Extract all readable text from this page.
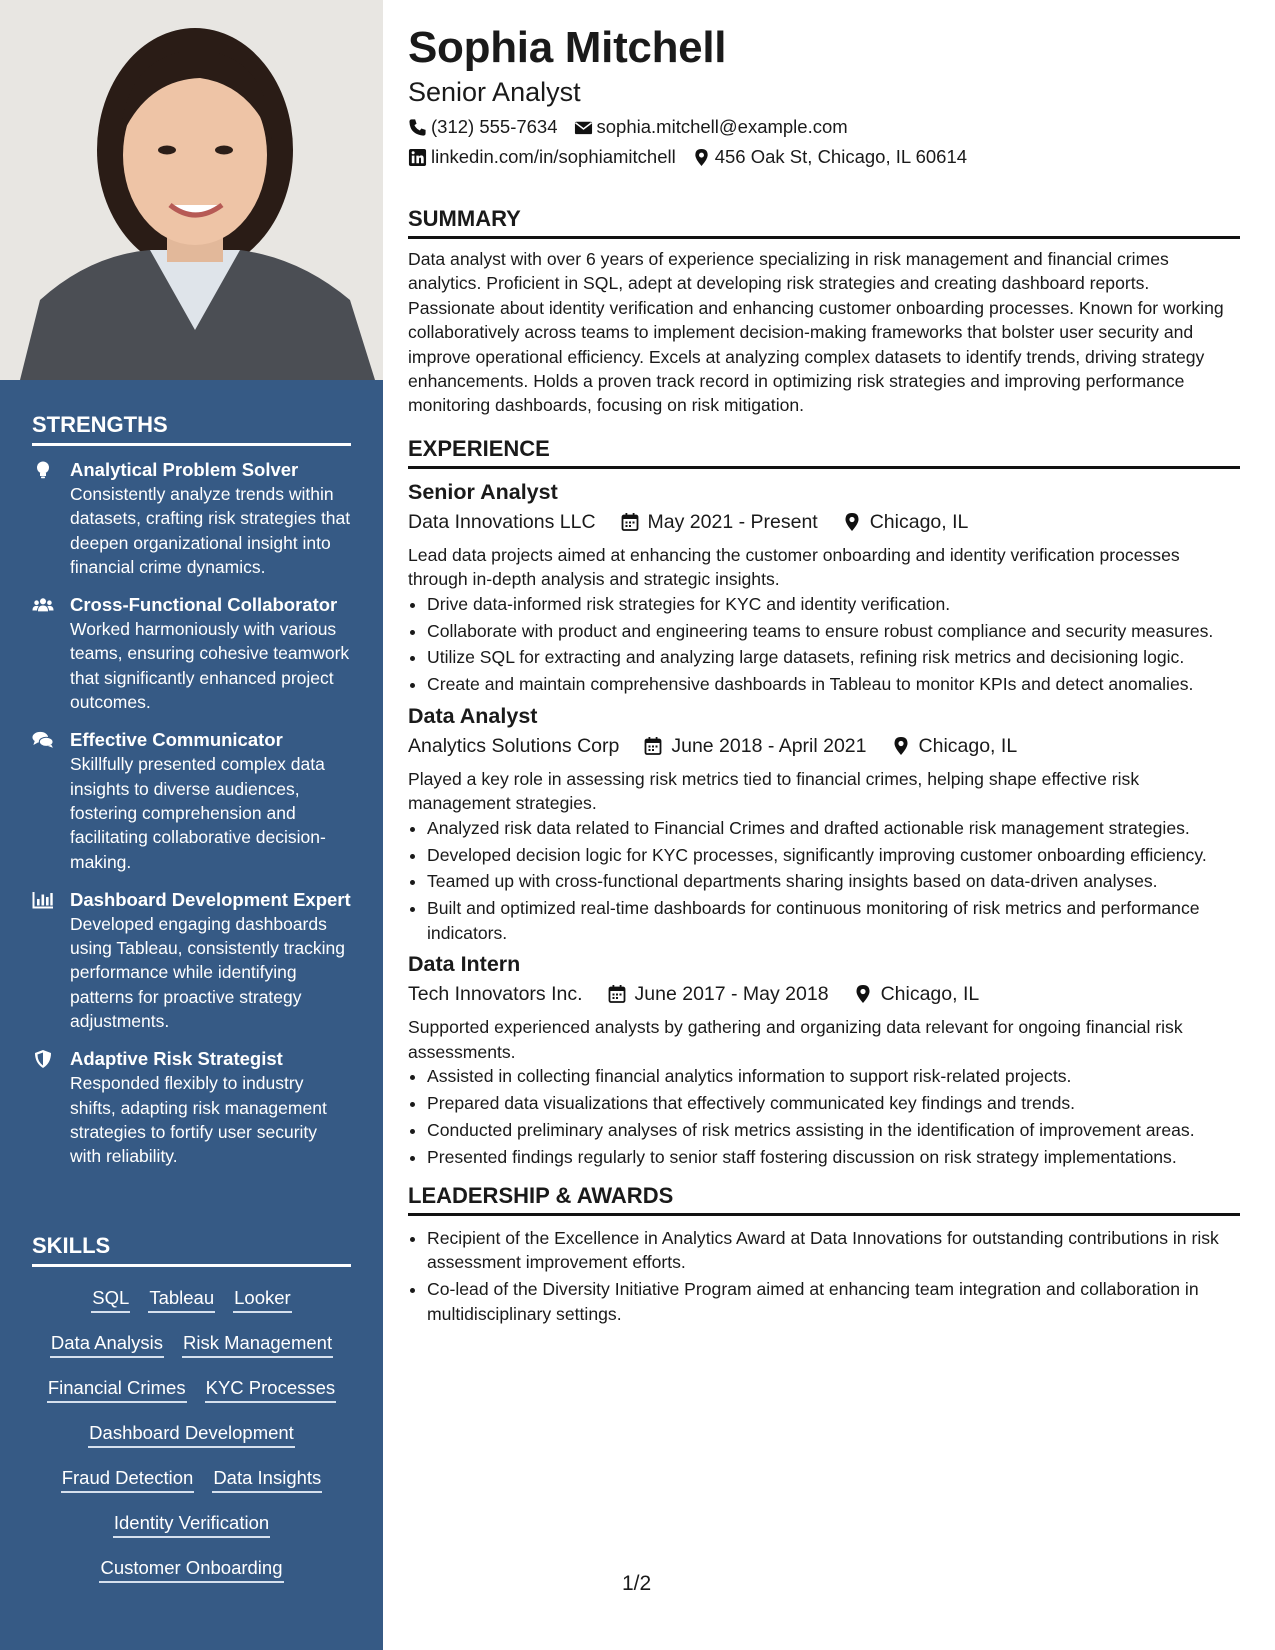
STRENGTHS
Analytical Problem Solver
Consistently analyze trends within datasets, crafting risk strategies that deepen organizational insight into financial crime dynamics.
Cross-Functional Collaborator
Worked harmoniously with various teams, ensuring cohesive teamwork that significantly enhanced project outcomes.
Effective Communicator
Skillfully presented complex data insights to diverse audiences, fostering comprehension and facilitating collaborative decision-making.
Dashboard Development Expert
Developed engaging dashboards using Tableau, consistently tracking performance while identifying patterns for proactive strategy adjustments.
Adaptive Risk Strategist
Responded flexibly to industry shifts, adapting risk management strategies to fortify user security with reliability.
SKILLS
SQL Tableau Looker
Data Analysis Risk Management
Financial Crimes KYC Processes
Dashboard Development
Fraud Detection Data Insights
Identity Verification
Customer Onboarding
Sophia Mitchell
Senior Analyst
(312) 555-7634 sophia.mitchell@example.com
linkedin.com/in/sophiamitchell 456 Oak St, Chicago, IL 60614
SUMMARY

Data analyst with over 6 years of experience specializing in risk management and financial crimes analytics. Proficient in SQL, adept at developing risk strategies and creating dashboard reports. Passionate about identity verification and enhancing customer onboarding processes. Known for working collaboratively across teams to implement decision-making frameworks that bolster user security and improve operational efficiency. Excels at analyzing complex datasets to identify trends, driving strategy enhancements. Holds a proven track record in optimizing risk strategies and improving performance monitoring dashboards, focusing on risk mitigation.

EXPERIENCE
Senior Analyst
Data Innovations LLC	May 2021 - Present	Chicago, IL

Lead data projects aimed at enhancing the customer onboarding and identity verification processes through in-depth analysis and strategic insights.

• Drive data-informed risk strategies for KYC and identity verification.
• Collaborate with product and engineering teams to ensure robust compliance and security measures.
• Utilize SQL for extracting and analyzing large datasets, refining risk metrics and decisioning logic.
• Create and maintain comprehensive dashboards in Tableau to monitor KPIs and detect anomalies.
Data Analyst
Analytics Solutions Corp	June 2018 - April 2021	Chicago, IL

Played a key role in assessing risk metrics tied to financial crimes, helping shape effective risk management strategies.

• Analyzed risk data related to Financial Crimes and drafted actionable risk management strategies.
• Developed decision logic for KYC processes, significantly improving customer onboarding efficiency.
• Teamed up with cross-functional departments sharing insights based on data-driven analyses.
• Built and optimized real-time dashboards for continuous monitoring of risk metrics and performance indicators.
Data Intern
Tech Innovators Inc.	June 2017 - May 2018	Chicago, IL

Supported experienced analysts by gathering and organizing data relevant for ongoing financial risk assessments.

• Assisted in collecting financial analytics information to support risk-related projects.
• Prepared data visualizations that effectively communicated key findings and trends.
• Conducted preliminary analyses of risk metrics assisting in the identification of improvement areas.
• Presented findings regularly to senior staff fostering discussion on risk strategy implementations.
LEADERSHIP & AWARDS
• Recipient of the Excellence in Analytics Award at Data Innovations for outstanding contributions in risk assessment improvement efforts.
• Co-lead of the Diversity Initiative Program aimed at enhancing team integration and collaboration in multidisciplinary settings.
1/2
